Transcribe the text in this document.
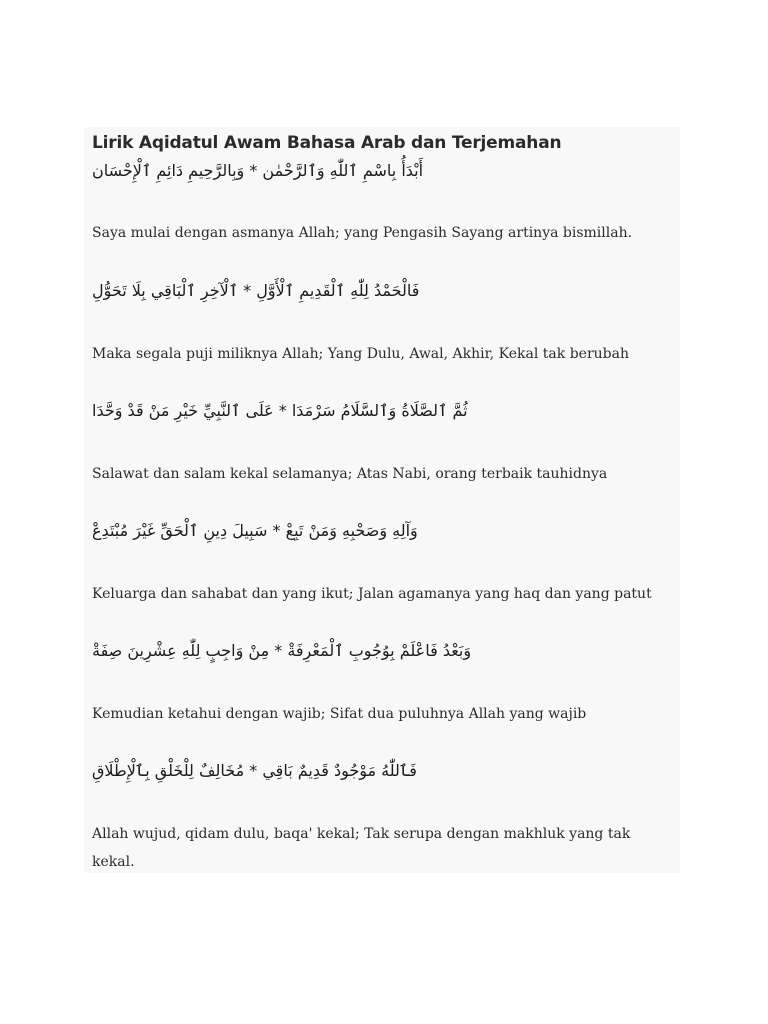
Lirik Aqidatul Awam Bahasa Arab dan Terjemahan
أَبْدَأُ بِاسْمِ ٱللّٰهِ وَٱلرَّحْمٰن * وَبِالرَّحِيمِ دَائِمِ ٱلْإِحْسَان

Saya mulai dengan asmanya Allah; yang Pengasih Sayang artinya bismillah.

فَالْحَمْدُ لِلّٰهِ ٱلْقَدِيمِ ٱلْأَوَّلِ * ٱلْآخِرِ ٱلْبَاقِي بِلَا تَحَوُّلِ

Maka segala puji miliknya Allah; Yang Dulu, Awal, Akhir, Kekal tak berubah

ثُمَّ ٱلصَّلَاةُ وَٱلسَّلَامُ سَرْمَدَا * عَلَى ٱلنَّبِيِّ خَيْرِ مَنْ قَدْ وَحَّدَا

Salawat dan salam kekal selamanya; Atas Nabi, orang terbaik tauhidnya

وَآلِهِ وَصَحْبِهِ وَمَنْ تَبِعْ * سَبِيلَ دِينِ ٱلْحَقِّ غَيْرَ مُبْتَدِعْ

Keluarga dan sahabat dan yang ikut; Jalan agamanya yang haq dan yang patut

وَبَعْدُ فَاعْلَمْ بِوُجُوبِ ٱلْمَعْرِفَةْ * مِنْ وَاجِبٍ لِلّٰهِ عِشْرِينَ صِفَةْ

Kemudian ketahui dengan wajib; Sifat dua puluhnya Allah yang wajib

فَٱللّٰهُ مَوْجُودٌ قَدِيمٌ بَاقِي * مُخَالِفٌ لِلْخَلْقِ بِٱلْإِطْلَاقِ

Allah wujud, qidam dulu, baqa' kekal; Tak serupa dengan makhluk yang tak kekal.
